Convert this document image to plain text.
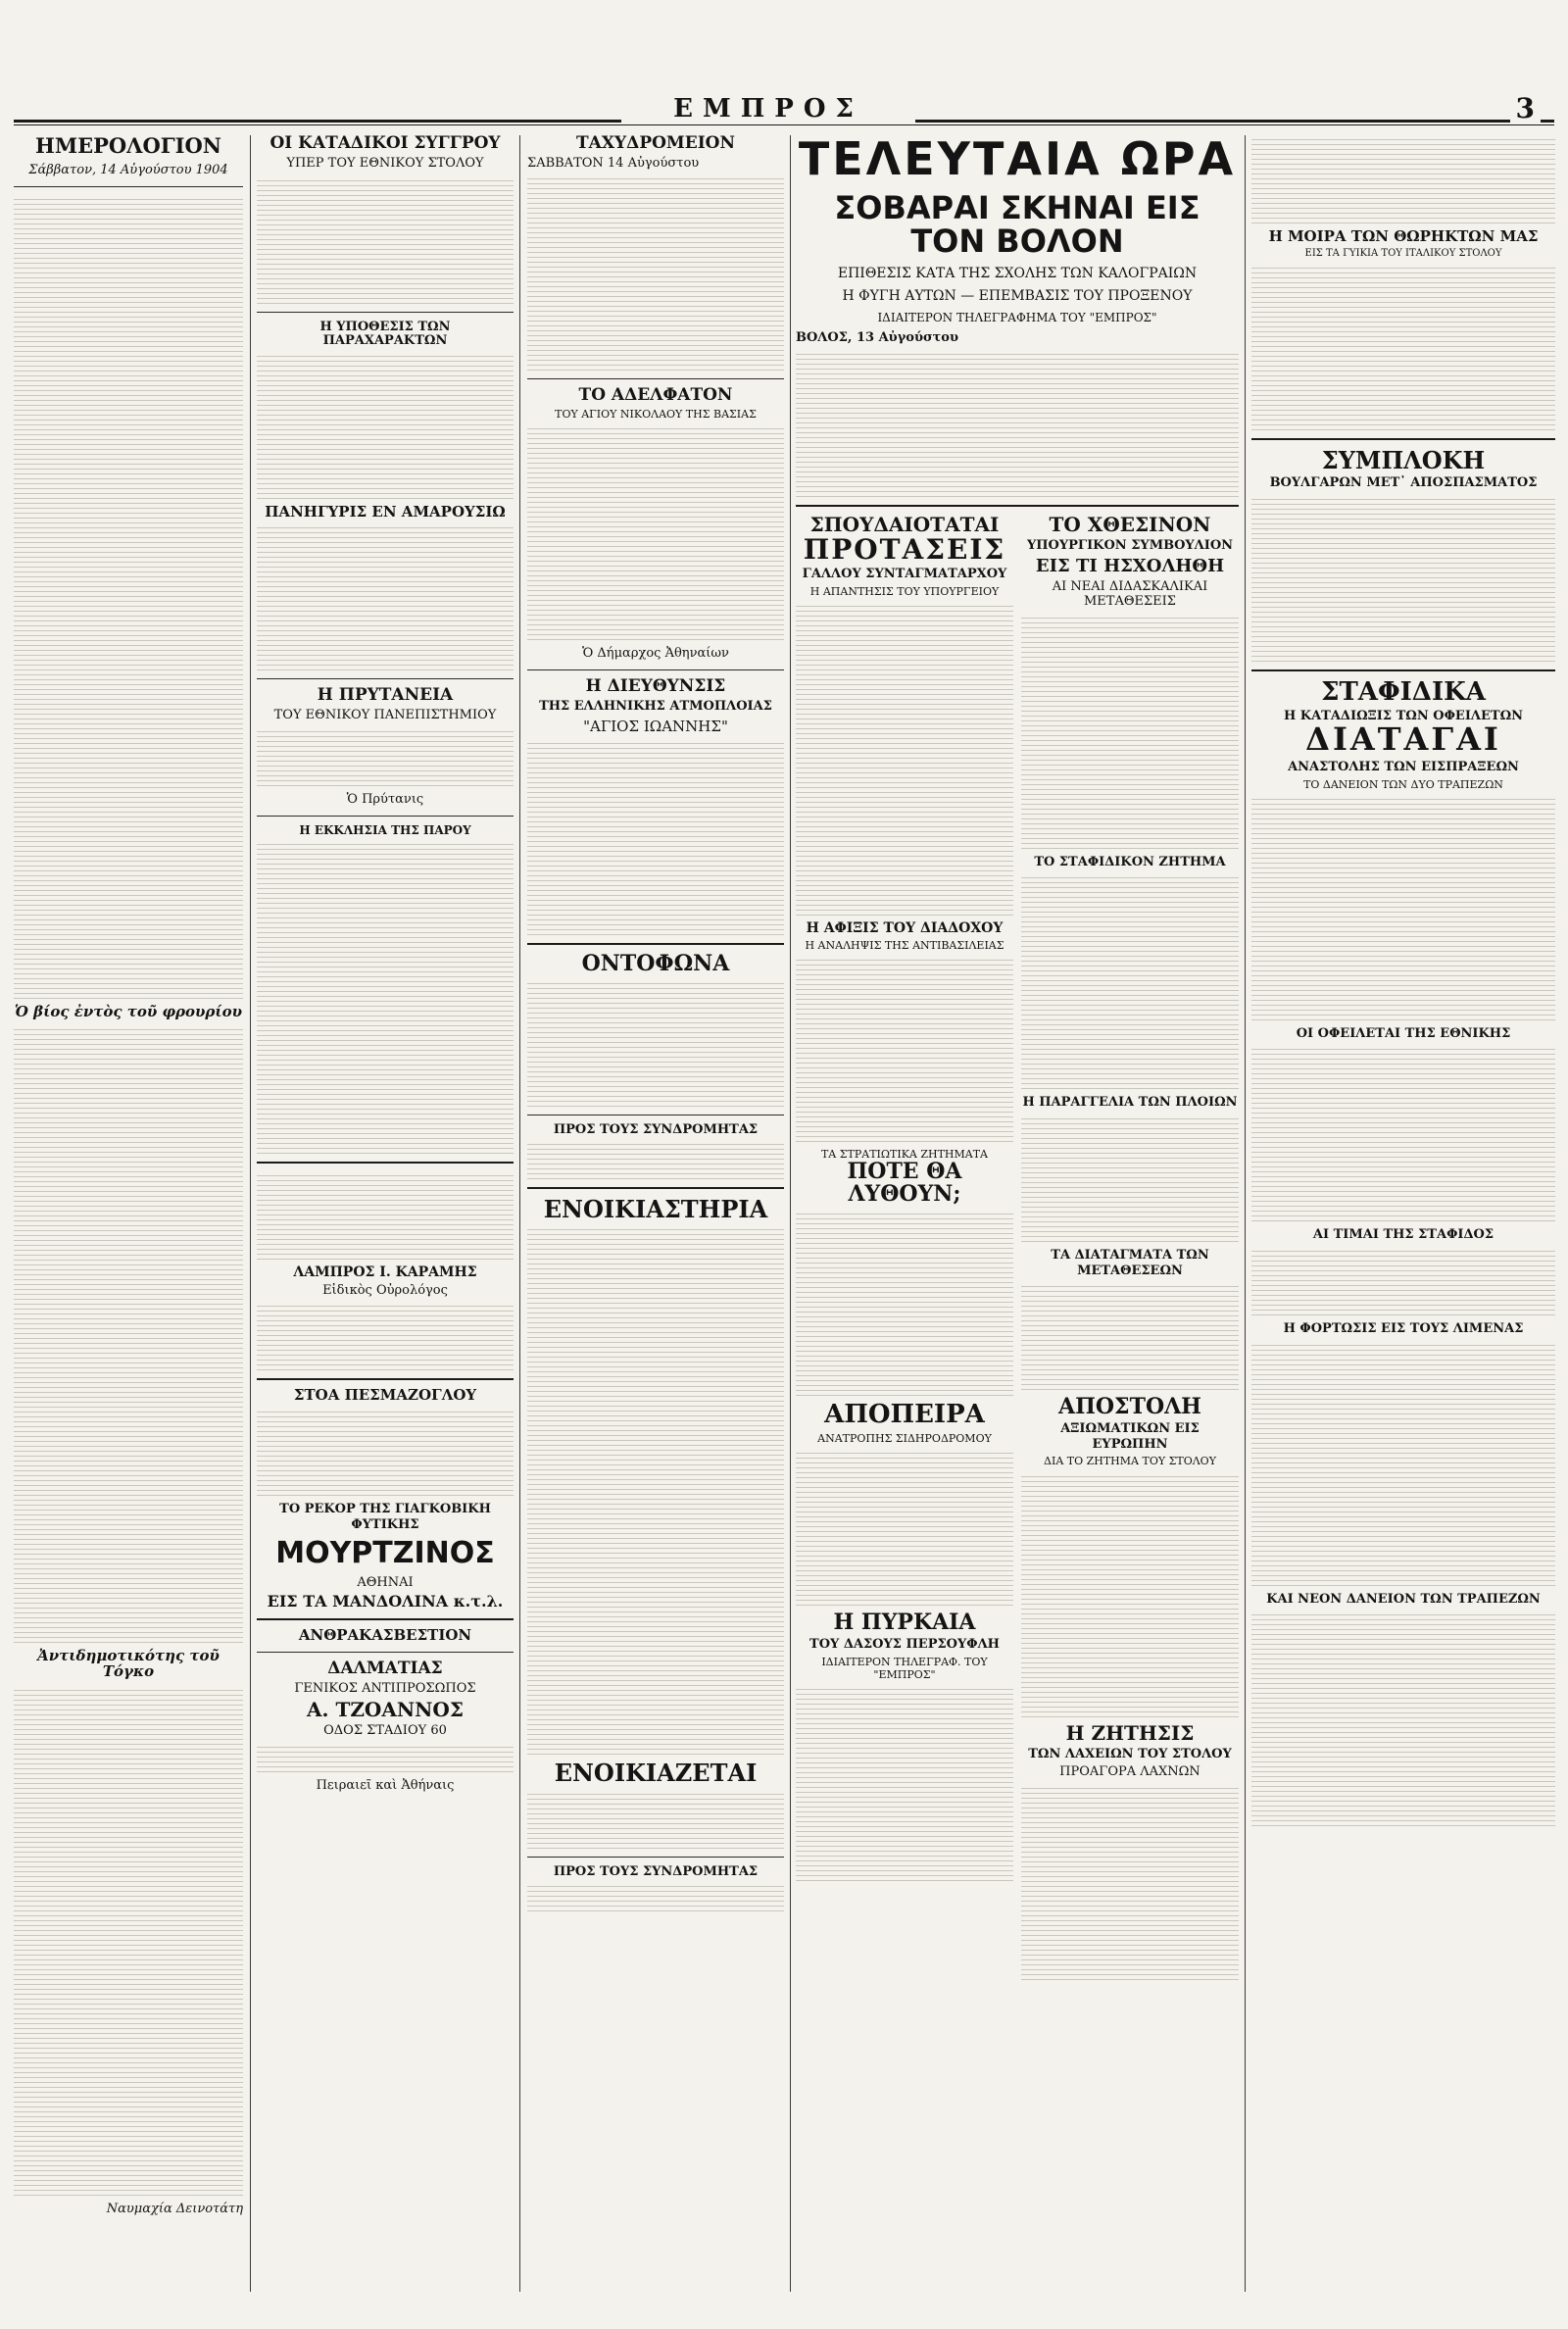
ΕΜΠΡΟΣ	3
ΗΜΕΡΟΛΟΓΙΟΝ
Σάββατον, 14 Αὐγούστου 1904
Ὁ βίος ἐντὸς τοῦ φρουρίου
Ἀντιδημοτικότης τοῦ Τόγκο
Ναυμαχία Δεινοτάτη
ΟΙ ΚΑΤΑΔΙΚΟΙ ΣΥΓΓΡΟΥ
ΥΠΕΡ ΤΟΥ ΕΘΝΙΚΟΥ ΣΤΟΛΟΥ
Η ΥΠΟΘΕΣΙΣ ΤΩΝ ΠΑΡΑΧΑΡΑΚΤΩΝ
ΠΑΝΗΓΥΡΙΣ ΕΝ ΑΜΑΡΟΥΣΙΩ
Η ΠΡΥΤΑΝΕΙΑ
ΤΟΥ ΕΘΝΙΚΟΥ ΠΑΝΕΠΙΣΤΗΜΙΟΥ
Ὁ Πρύτανις
Η ΕΚΚΛΗΣΙΑ ΤΗΣ ΠΑΡΟΥ
ΛΑΜΠΡΟΣ Ι. ΚΑΡΑΜΗΣ
Εἰδικὸς Οὐρολόγος
ΣΤΟΑ ΠΕΣΜΑΖΟΓΛΟΥ
ΤΟ ΡΕΚΟΡ ΤΗΣ ΓΙΑΓΚΟΒΙΚΗ ΦΥΤΙΚΗΣ
ΜΟΥΡΤΖΙΝΟΣ
ΑΘΗΝΑΙ
ΕΙΣ ΤΑ ΜΑΝΔΟΛΙΝΑ κ.τ.λ.
ΑΝΘΡΑΚΑΣΒΕΣΤΙΟΝ
ΔΑΛΜΑΤΙΑΣ
ΓΕΝΙΚΟΣ ΑΝΤΙΠΡΟΣΩΠΟΣ
Α. ΤΖΟΑΝΝΟΣ
ΟΔΟΣ ΣΤΑΔΙΟΥ 60
Πειραιεῖ καὶ Ἀθήναις
ΤΑΧΥΔΡΟΜΕΙΟΝ
ΣΑΒΒΑΤΟΝ 14 Αὐγούστου
ΤΟ ΑΔΕΛΦΑΤΟΝ
ΤΟΥ ΑΓΙΟΥ ΝΙΚΟΛΑΟΥ ΤΗΣ ΒΑΣΙΑΣ
Ὁ Δήμαρχος Ἀθηναίων
Η ΔΙΕΥΘΥΝΣΙΣ
ΤΗΣ ΕΛΛΗΝΙΚΗΣ ΑΤΜΟΠΛΟΙΑΣ
"ΑΓΙΟΣ ΙΩΑΝΝΗΣ"
ΟΝΤΟΦΩΝΑ
ΠΡΟΣ ΤΟΥΣ ΣΥΝΔΡΟΜΗΤΑΣ
ΕΝΟΙΚΙΑΣΤΗΡΙΑ
ΕΝΟΙΚΙΑΖΕΤΑΙ
ΠΡΟΣ ΤΟΥΣ ΣΥΝΔΡΟΜΗΤΑΣ
ΤΕΛΕΥΤΑΙΑ ΩΡΑ
ΣΟΒΑΡΑΙ ΣΚΗΝΑΙ ΕΙΣ ΤΟΝ ΒΟΛΟΝ
ΕΠΙΘΕΣΙΣ ΚΑΤΑ ΤΗΣ ΣΧΟΛΗΣ ΤΩΝ ΚΑΛΟΓΡΑΙΩΝ
Η ΦΥΓΗ ΑΥΤΩΝ — ΕΠΕΜΒΑΣΙΣ ΤΟΥ ΠΡΟΞΕΝΟΥ
ΙΔΙΑΙΤΕΡΟΝ ΤΗΛΕΓΡΑΦΗΜΑ ΤΟΥ "ΕΜΠΡΟΣ"
ΒΟΛΟΣ, 13 Αὐγούστου
ΣΠΟΥΔΑΙΟΤΑΤΑΙ
ΠΡΟΤΑΣΕΙΣ
ΓΑΛΛΟΥ ΣΥΝΤΑΓΜΑΤΑΡΧΟΥ
Η ΑΠΑΝΤΗΣΙΣ ΤΟΥ ΥΠΟΥΡΓΕΙΟΥ
Η ΑΦΙΞΙΣ ΤΟΥ ΔΙΑΔΟΧΟΥ
Η ΑΝΑΛΗΨΙΣ ΤΗΣ ΑΝΤΙΒΑΣΙΛΕΙΑΣ
ΤΑ ΣΤΡΑΤΙΩΤΙΚΑ ΖΗΤΗΜΑΤΑ
ΠΟΤΕ ΘΑ ΛΥΘΟΥΝ;
ΑΠΟΠΕΙΡΑ
ΑΝΑΤΡΟΠΗΣ ΣΙΔΗΡΟΔΡΟΜΟΥ
Η ΠΥΡΚΑΙΑ
ΤΟΥ ΔΑΣΟΥΣ ΠΕΡΣΟΥΦΛΗ
ΙΔΙΑΙΤΕΡΟΝ ΤΗΛΕΓΡΑΦ. ΤΟΥ "ΕΜΠΡΟΣ"
ΤΟ ΧΘΕΣΙΝΟΝ
ΥΠΟΥΡΓΙΚΟΝ ΣΥΜΒΟΥΛΙΟΝ
ΕΙΣ ΤΙ ΗΣΧΟΛΗΘΗ
ΑΙ ΝΕΑΙ ΔΙΔΑΣΚΑΛΙΚΑΙ ΜΕΤΑΘΕΣΕΙΣ
ΤΟ ΣΤΑΦΙΔΙΚΟΝ ΖΗΤΗΜΑ
Η ΠΑΡΑΓΓΕΛΙΑ ΤΩΝ ΠΛΟΙΩΝ
ΤΑ ΔΙΑΤΑΓΜΑΤΑ ΤΩΝ ΜΕΤΑΘΕΣΕΩΝ
ΑΠΟΣΤΟΛΗ
ΑΞΙΩΜΑΤΙΚΩΝ ΕΙΣ ΕΥΡΩΠΗΝ
ΔΙΑ ΤΟ ΖΗΤΗΜΑ ΤΟΥ ΣΤΟΛΟΥ
Η ΖΗΤΗΣΙΣ
ΤΩΝ ΛΑΧΕΙΩΝ ΤΟΥ ΣΤΟΛΟΥ
ΠΡΟΑΓΟΡΑ ΛΑΧΝΩΝ
Η ΜΟΙΡΑ ΤΩΝ ΘΩΡΗΚΤΩΝ ΜΑΣ
ΕΙΣ ΤΑ ΓΥΙΚΙΑ ΤΟΥ ΙΤΑΛΙΚΟΥ ΣΤΟΛΟΥ
ΣΥΜΠΛΟΚΗ
ΒΟΥΛΓΑΡΩΝ ΜΕΤ᾽ ΑΠΟΣΠΑΣΜΑΤΟΣ
ΣΤΑΦΙΔΙΚΑ
Η ΚΑΤΑΔΙΩΞΙΣ ΤΩΝ ΟΦΕΙΛΕΤΩΝ
ΔΙΑΤΑΓΑΙ
ΑΝΑΣΤΟΛΗΣ ΤΩΝ ΕΙΣΠΡΑΞΕΩΝ
ΤΟ ΔΑΝΕΙΟΝ ΤΩΝ ΔΥΟ ΤΡΑΠΕΖΩΝ
ΟΙ ΟΦΕΙΛΕΤΑΙ ΤΗΣ ΕΘΝΙΚΗΣ
ΑΙ ΤΙΜΑΙ ΤΗΣ ΣΤΑΦΙΔΟΣ
Η ΦΟΡΤΩΣΙΣ ΕΙΣ ΤΟΥΣ ΛΙΜΕΝΑΣ
ΚΑΙ ΝΕΟΝ ΔΑΝΕΙΟΝ ΤΩΝ ΤΡΑΠΕΖΩΝ
